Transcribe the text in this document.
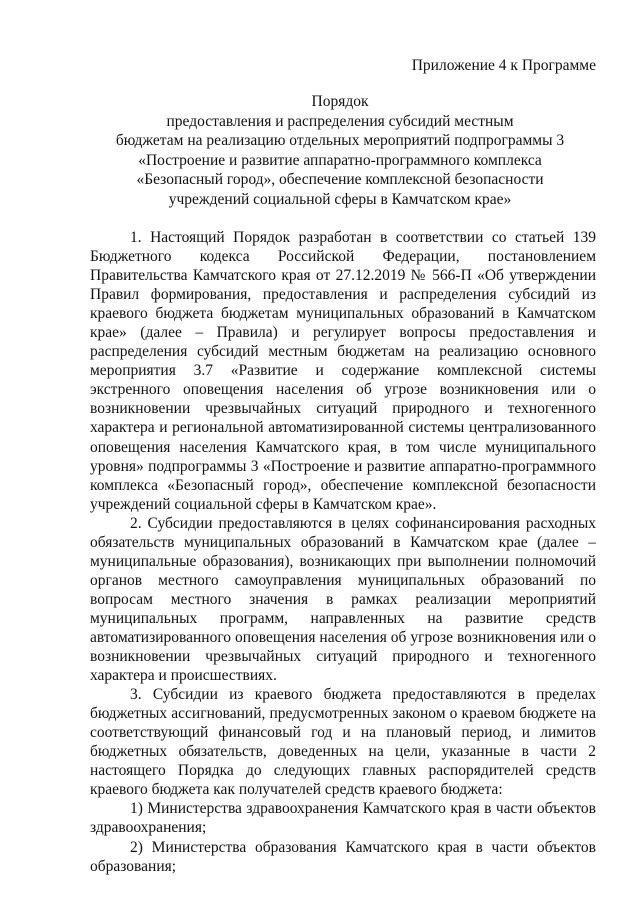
Приложение 4 к Программе
Порядок
предоставления и распределения субсидий местным
бюджетам на реализацию отдельных мероприятий подпрограммы 3
«Построение и развитие аппаратно-программного комплекса
«Безопасный город», обеспечение комплексной безопасности
учреждений социальной сферы в Камчатском крае»

1. Настоящий Порядок разработан в соответствии со статьей 139 Бюджетного кодекса Российской Федерации, постановлением Правительства Камчатского края от 27.12.2019 № 566-П «Об утверждении Правил формирования, предоставления и распределения субсидий из краевого бюджета бюджетам муниципальных образований в Камчатском крае» (далее – Правила) и регулирует вопросы предоставления и распределения субсидий местным бюджетам на реализацию основного мероприятия 3.7 «Развитие и содержание комплексной системы экстренного оповещения населения об угрозе возникновения или о возникновении чрезвычайных ситуаций природного и техногенного характера и региональной автоматизированной системы централизованного оповещения населения Камчатского края, в том числе муниципального уровня» подпрограммы 3 «Построение и развитие аппаратно-программного комплекса «Безопасный город», обеспечение комплексной безопасности учреждений социальной сферы в Камчатском крае».

2. Субсидии предоставляются в целях софинансирования расходных обязательств муниципальных образований в Камчатском крае (далее – муниципальные образования), возникающих при выполнении полномочий органов местного самоуправления муниципальных образований по вопросам местного значения в рамках реализации мероприятий муниципальных программ, направленных на развитие средств автоматизированного оповещения населения об угрозе возникновения или о возникновении чрезвычайных ситуаций природного и техногенного характера и происшествиях.

3. Субсидии из краевого бюджета предоставляются в пределах бюджетных ассигнований, предусмотренных законом о краевом бюджете на соответствующий финансовый год и на плановый период, и лимитов бюджетных обязательств, доведенных на цели, указанные в части 2 настоящего Порядка до следующих главных распорядителей средств краевого бюджета как получателей средств краевого бюджета:

1) Министерства здравоохранения Камчатского края в части объектов здравоохранения;

2) Министерства образования Камчатского края в части объектов образования;
